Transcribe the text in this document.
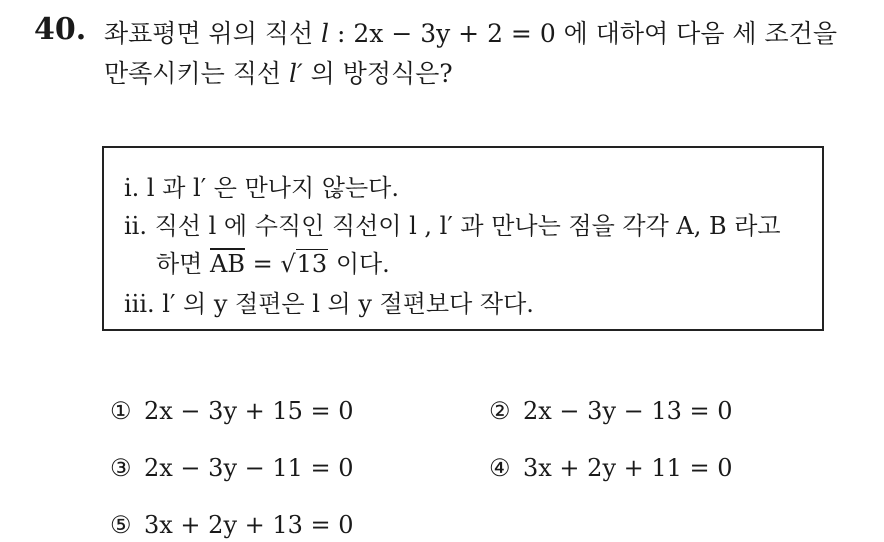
40. 좌표평면 위의 직선 l : 2x − 3y + 2 = 0 에 대하여 다음 세 조건을
만족시키는 직선 l′ 의 방정식은?
i. l 과 l′ 은 만나지 않는다.
ii. 직선 l 에 수직인 직선이 l , l′ 과 만나는 점을 각각 A, B 라고
하면 $\overline{AB} = √13$ 이다.
iii. l′ 의 y 절편은 l 의 y 절편보다 작다.
① 2x − 3y + 15 = 0	② 2x − 3y − 13 = 0
③ 2x − 3y − 11 = 0	④ 3x + 2y + 11 = 0
⑤ 3x + 2y + 13 = 0
